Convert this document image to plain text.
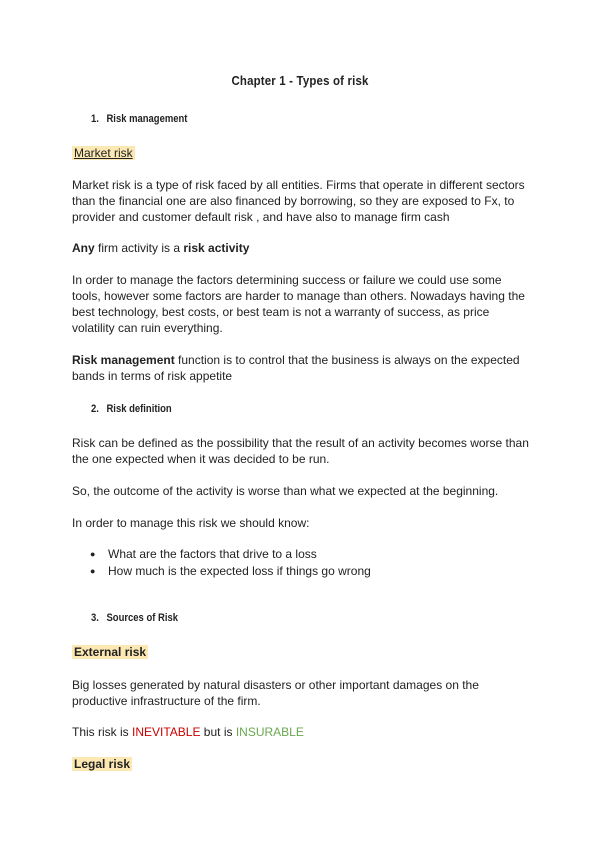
Chapter 1 - Types of risk
1. Risk management
Market risk
Market risk is a type of risk faced by all entities. Firms that operate in different sectors than the financial one are also financed by borrowing, so they are exposed to Fx, to provider and customer default risk , and have also to manage firm cash
Any firm activity is a risk activity
In order to manage the factors determining success or failure we could use some tools, however some factors are harder to manage than others. Nowadays having the best technology, best costs, or best team is not a warranty of success, as price volatility can ruin everything.
Risk management function is to control that the business is always on the expected bands in terms of risk appetite
2. Risk definition
Risk can be defined as the possibility that the result of an activity becomes worse than the one expected when it was decided to be run.
So, the outcome of the activity is worse than what we expected at the beginning.
In order to manage this risk we should know:
● What are the factors that drive to a loss
● How much is the expected loss if things go wrong
3. Sources of Risk
External risk
Big losses generated by natural disasters or other important damages on the productive infrastructure of the firm.
This risk is INEVITABLE but is INSURABLE
Legal risk
